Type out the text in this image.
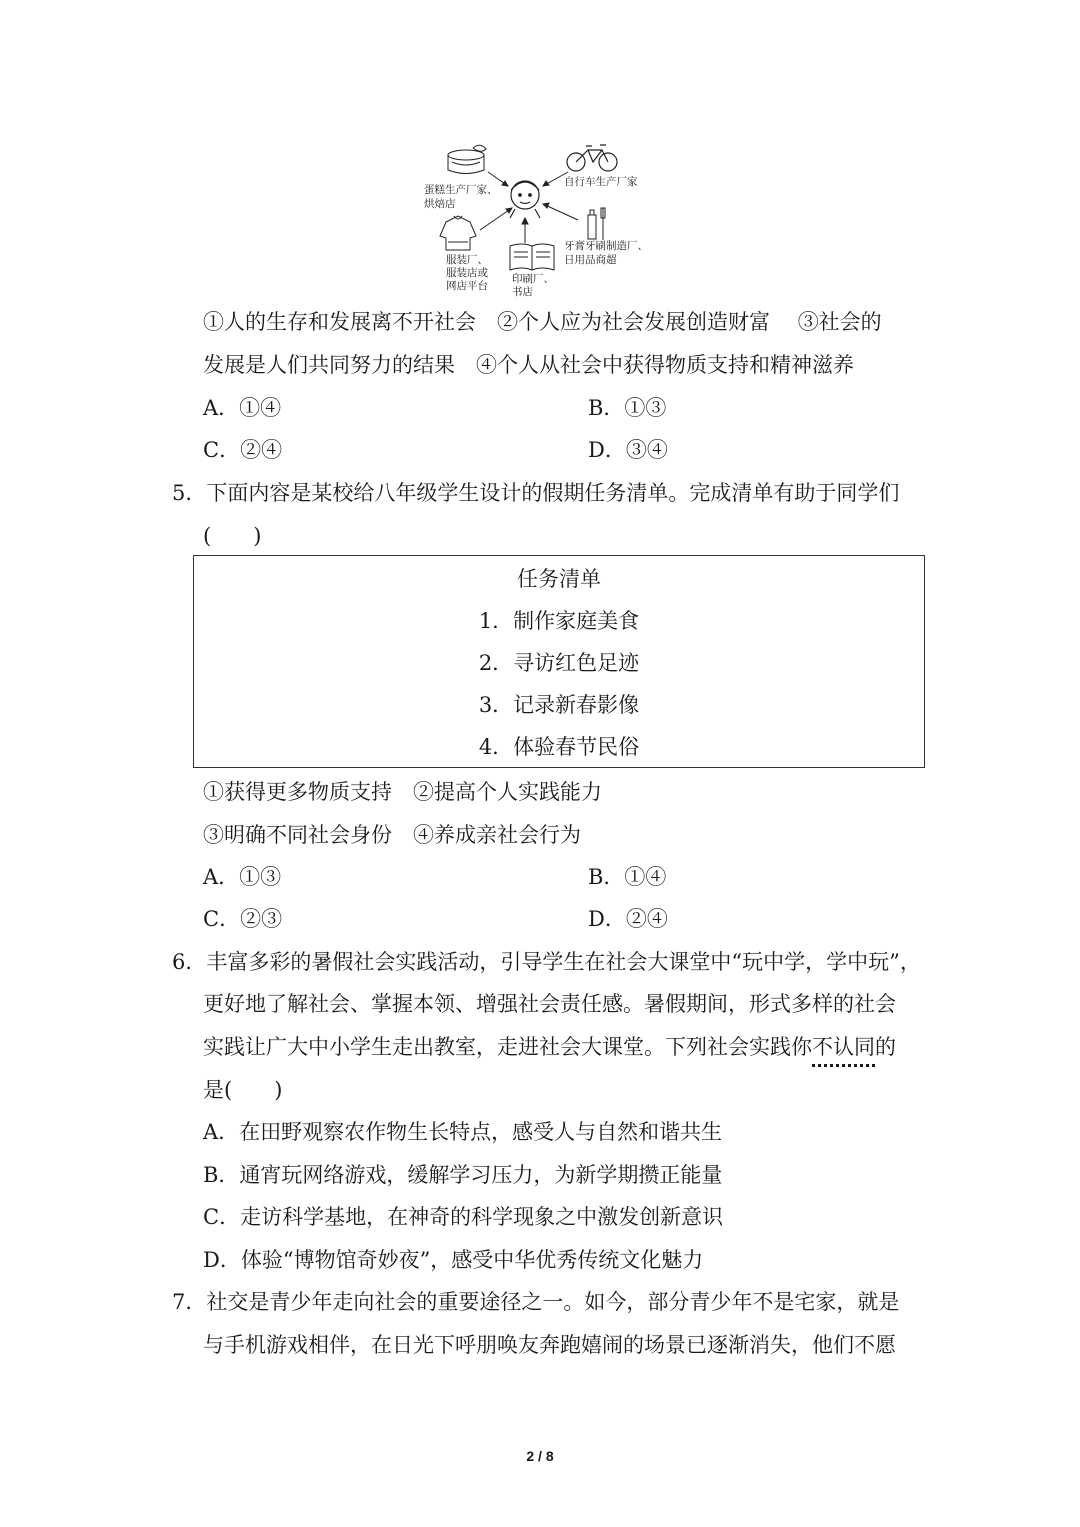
蛋糕生产厂家、
烘焙店
自行车生产厂家
牙膏牙刷制造厂、
日用品商超
服装厂、
服装店或
网店平台
印刷厂、
书店
①人的生存和发展离不开社会　 ②个人应为社会发展创造财富　 ③社会的
发展是人们共同努力的结果　 ④个人从社会中获得物质支持和精神滋养
A．①④	B．①③
C．②④	D．③④
5．下面内容是某校给八年级学生设计的假期任务清单。完成清单有助于同学们
(　　)
任务清单
1．制作家庭美食
2．寻访红色足迹
3．记录新春影像
4．体验春节民俗
①获得更多物质支持　 ②提高个人实践能力
③明确不同社会身份　 ④养成亲社会行为
A．①③	B．①④
C．②③	D．②④
6．丰富多彩的暑假社会实践活动，引导学生在社会大课堂中“玩中学，学中玩”，
更好地了解社会、掌握本领、增强社会责任感。暑假期间，形式多样的社会
实践让广大中小学生走出教室，走进社会大课堂。下列社会实践你不认同的
是(　　)
A．在田野观察农作物生长特点，感受人与自然和谐共生
B．通宵玩网络游戏，缓解学习压力，为新学期攒正能量
C．走访科学基地，在神奇的科学现象之中激发创新意识
D．体验“博物馆奇妙夜”，感受中华优秀传统文化魅力
7．社交是青少年走向社会的重要途径之一。如今，部分青少年不是宅家，就是
与手机游戏相伴，在日光下呼朋唤友奔跑嬉闹的场景已逐渐消失，他们不愿
2 / 8
